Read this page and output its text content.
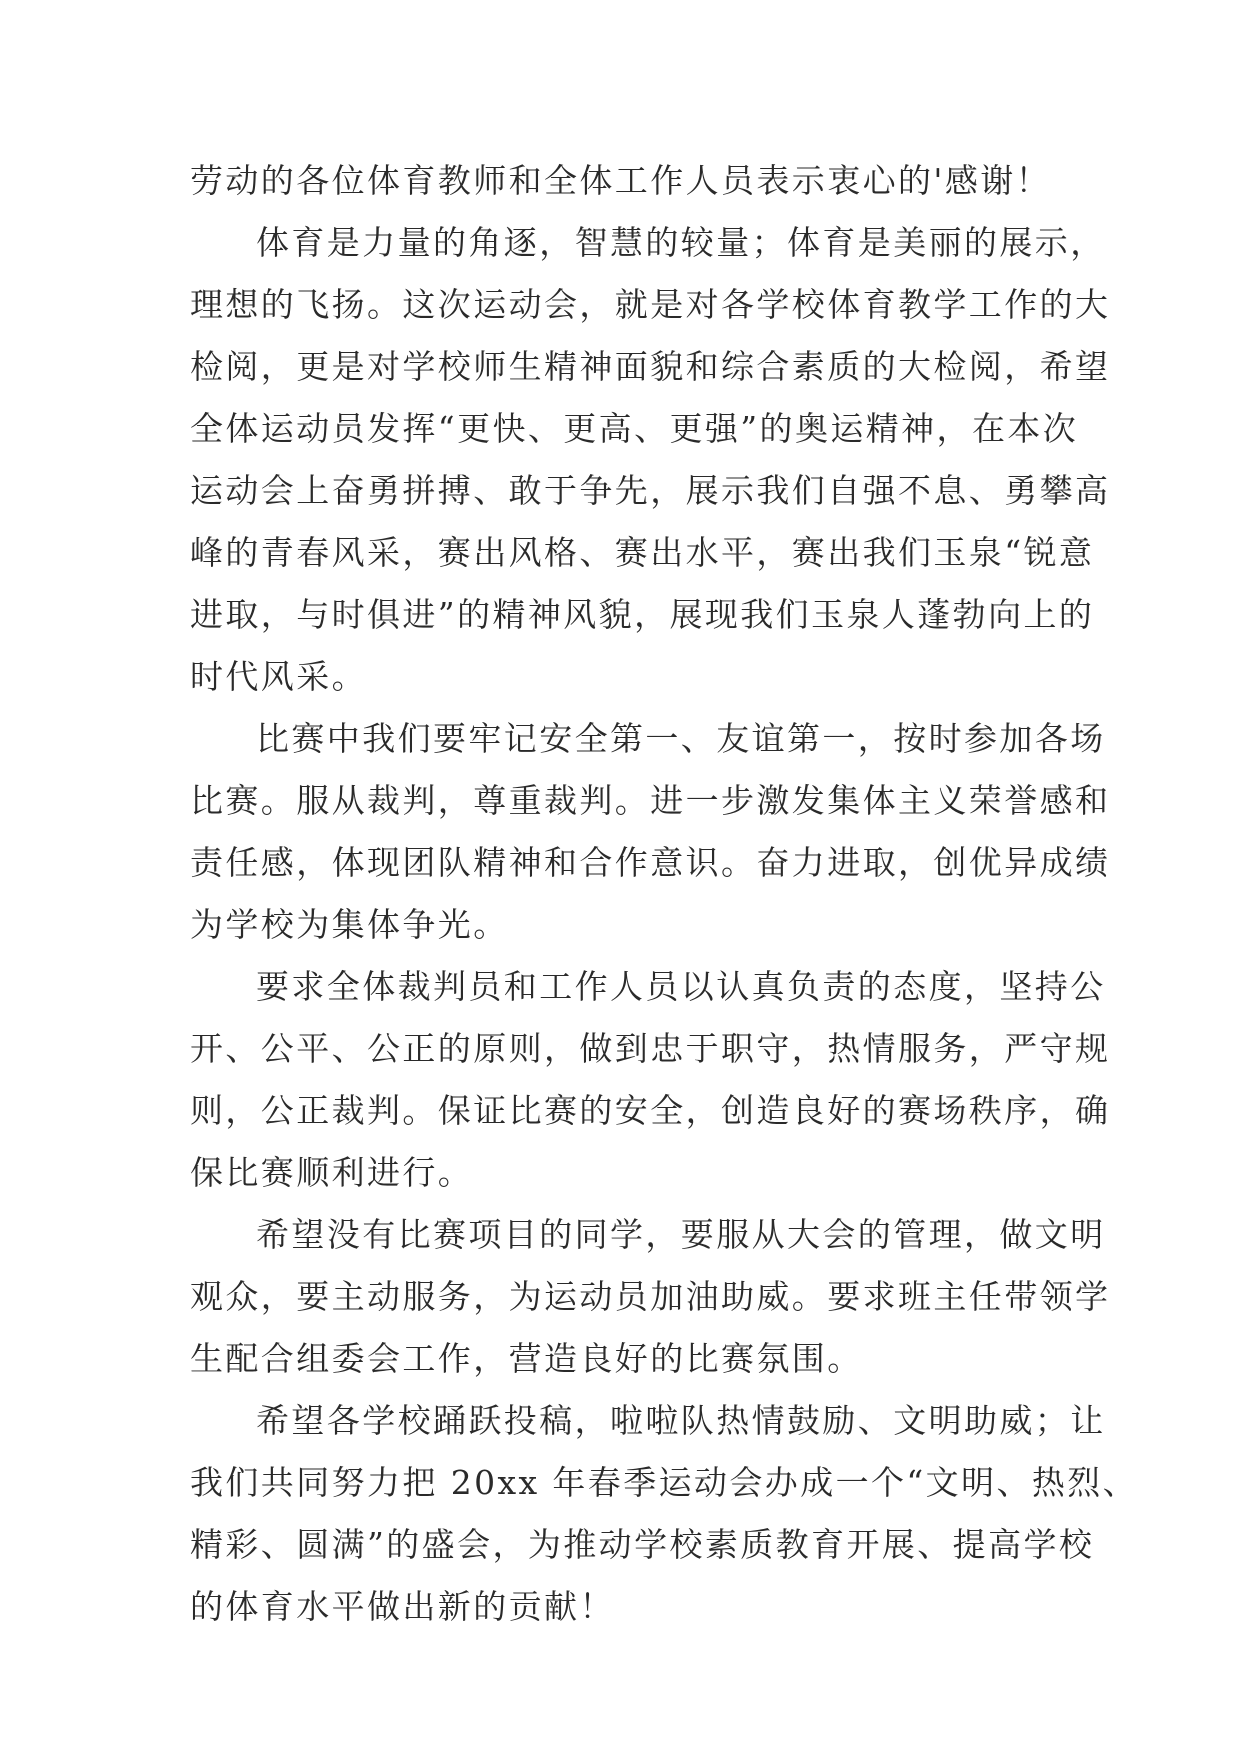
劳动的各位体育教师和全体工作人员表示衷心的'感谢！
体育是力量的角逐，智慧的较量；体育是美丽的展示，
理想的飞扬。这次运动会，就是对各学校体育教学工作的大
检阅，更是对学校师生精神面貌和综合素质的大检阅，希望
全体运动员发挥“更快、更高、更强”的奥运精神，在本次
运动会上奋勇拼搏、敢于争先，展示我们自强不息、勇攀高
峰的青春风采，赛出风格、赛出水平，赛出我们玉泉“锐意
进取，与时俱进”的精神风貌，展现我们玉泉人蓬勃向上的
时代风采。
比赛中我们要牢记安全第一、友谊第一，按时参加各场
比赛。服从裁判，尊重裁判。进一步激发集体主义荣誉感和
责任感，体现团队精神和合作意识。奋力进取，创优异成绩
为学校为集体争光。
要求全体裁判员和工作人员以认真负责的态度，坚持公
开、公平、公正的原则，做到忠于职守，热情服务，严守规
则，公正裁判。保证比赛的安全，创造良好的赛场秩序，确
保比赛顺利进行。
希望没有比赛项目的同学，要服从大会的管理，做文明
观众，要主动服务，为运动员加油助威。要求班主任带领学
生配合组委会工作，营造良好的比赛氛围。
希望各学校踊跃投稿，啦啦队热情鼓励、文明助威；让
我们共同努力把 20xx 年春季运动会办成一个“文明、热烈、
精彩、圆满”的盛会，为推动学校素质教育开展、提高学校
的体育水平做出新的贡献！
